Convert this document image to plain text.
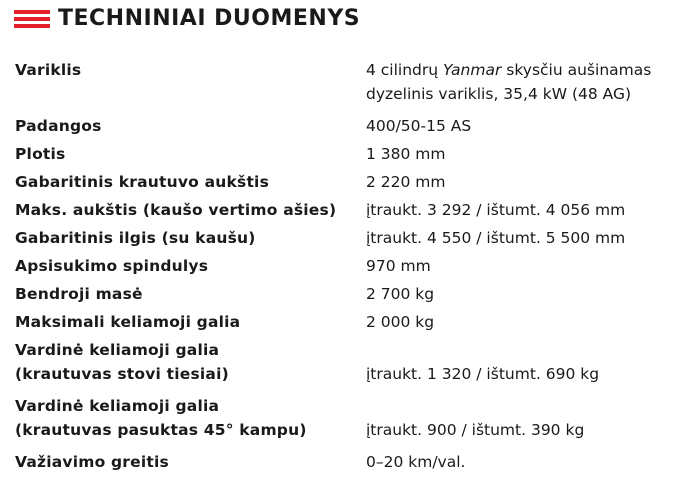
TECHNINIAI DUOMENYS
Variklis	4 cilindrų Yanmar skysčiu aušinamas
dyzelinis variklis, 35,4 kW (48 AG)
Padangos	400/50-15 AS
Plotis	1 380 mm
Gabaritinis krautuvo aukštis	2 220 mm
Maks. aukštis (kaušo vertimo ašies)	įtraukt. 3 292 / ištumt. 4 056 mm
Gabaritinis ilgis (su kaušu)	įtraukt. 4 550 / ištumt. 5 500 mm
Apsisukimo spindulys	970 mm
Bendroji masė	2 700 kg
Maksimali keliamoji galia	2 000 kg
Vardinė keliamoji galia
(krautuvas stovi tiesiai)	įtraukt. 1 320 / ištumt. 690 kg
Vardinė keliamoji galia
(krautuvas pasuktas 45° kampu)	įtraukt. 900 / ištumt. 390 kg
Važiavimo greitis	0–20 km/val.
